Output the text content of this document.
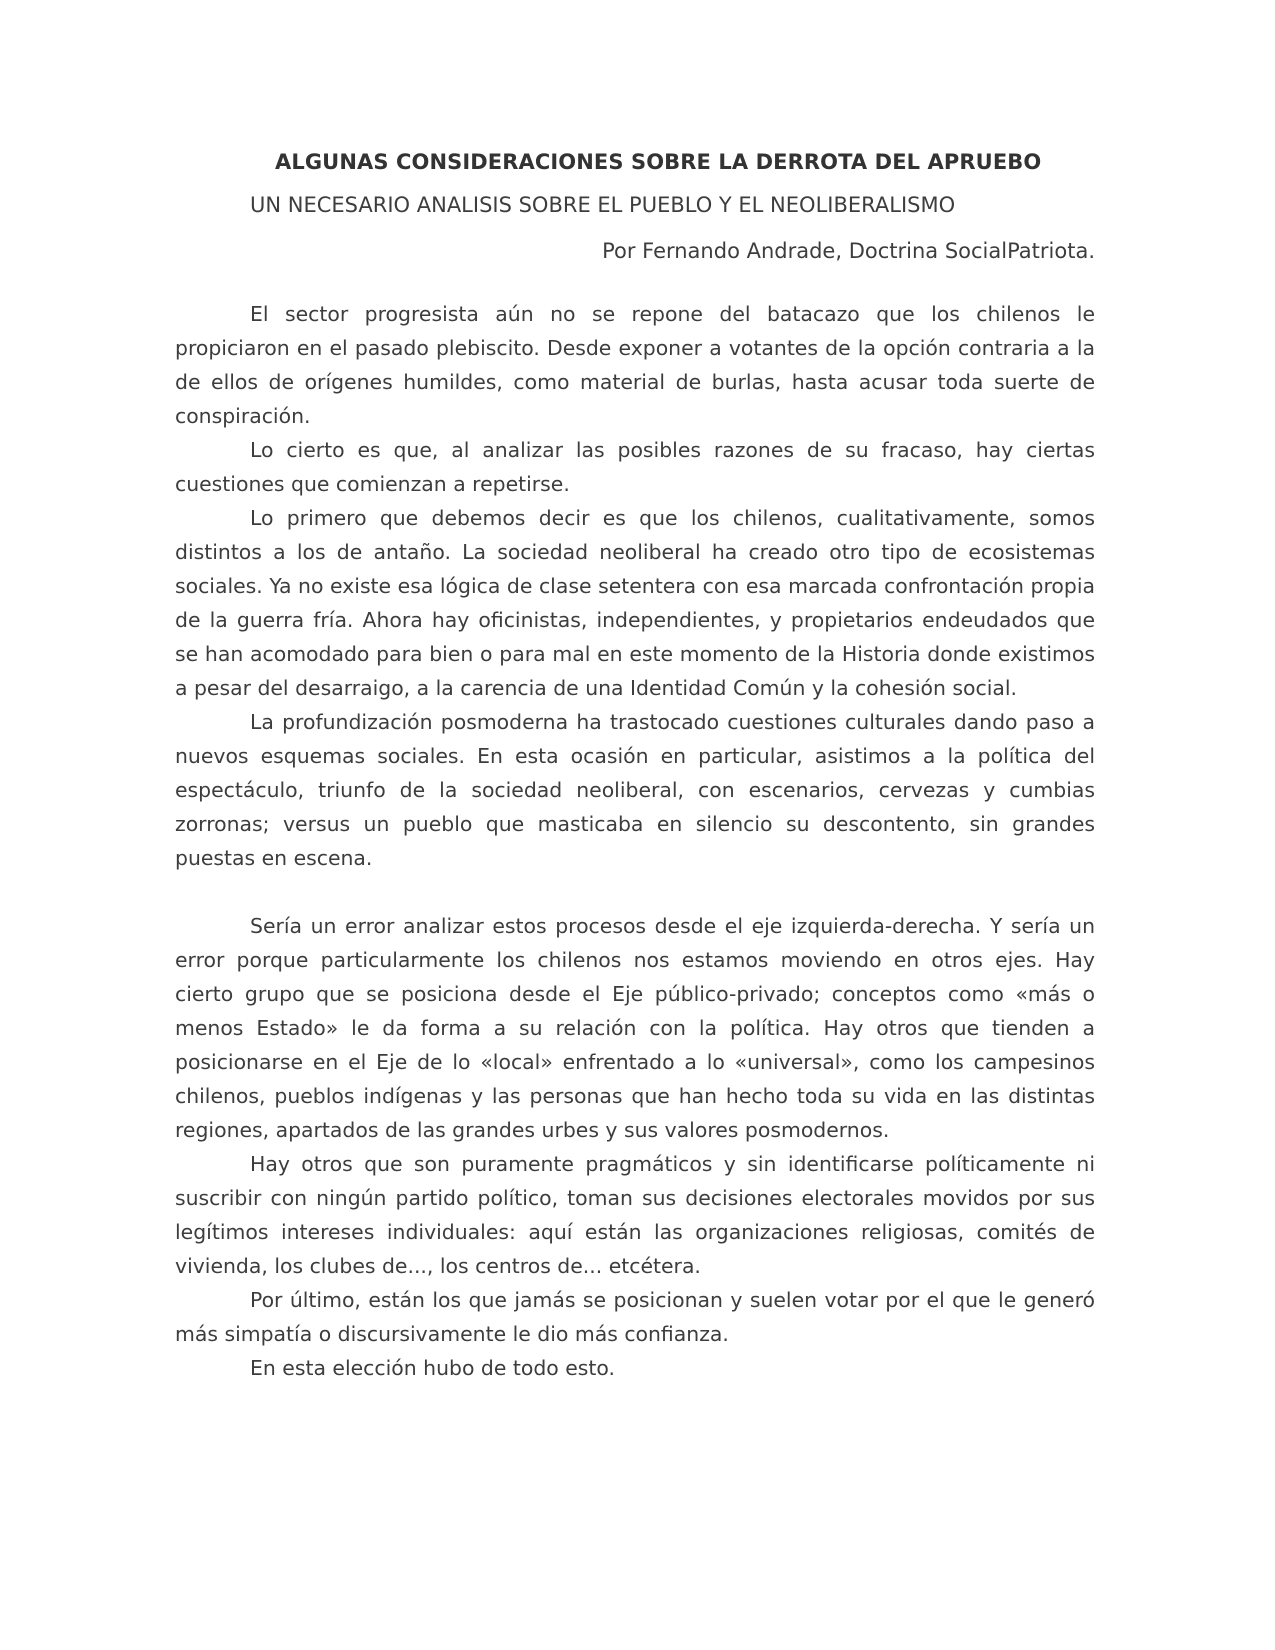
ALGUNAS CONSIDERACIONES SOBRE LA DERROTA DEL APRUEBO
UN NECESARIO ANALISIS SOBRE EL PUEBLO Y EL NEOLIBERALISMO
Por Fernando Andrade, Doctrina SocialPatriota.

El sector progresista aún no se repone del batacazo que los chilenos le propiciaron en el pasado plebiscito. Desde exponer a votantes de la opción contraria a la de ellos de orígenes humildes, como material de burlas, hasta acusar toda suerte de conspiración.

Lo cierto es que, al analizar las posibles razones de su fracaso, hay ciertas cuestiones que comienzan a repetirse.

Lo primero que debemos decir es que los chilenos, cualitativamente, somos distintos a los de antaño. La sociedad neoliberal ha creado otro tipo de ecosistemas sociales. Ya no existe esa lógica de clase setentera con esa marcada confrontación propia de la guerra fría. Ahora hay oficinistas, independientes, y propietarios endeudados que se han acomodado para bien o para mal en este momento de la Historia donde existimos a pesar del desarraigo, a la carencia de una Identidad Común y la cohesión social.

La profundización posmoderna ha trastocado cuestiones culturales dando paso a nuevos esquemas sociales. En esta ocasión en particular, asistimos a la política del espectáculo, triunfo de la sociedad neoliberal, con escenarios, cervezas y cumbias zorronas; versus un pueblo que masticaba en silencio su descontento, sin grandes puestas en escena.

Sería un error analizar estos procesos desde el eje izquierda-derecha. Y sería un error porque particularmente los chilenos nos estamos moviendo en otros ejes. Hay cierto grupo que se posiciona desde el Eje público-privado; conceptos como «más o menos Estado» le da forma a su relación con la política. Hay otros que tienden a posicionarse en el Eje de lo «local» enfrentado a lo «universal», como los campesinos chilenos, pueblos indígenas y las personas que han hecho toda su vida en las distintas regiones, apartados de las grandes urbes y sus valores posmodernos.

Hay otros que son puramente pragmáticos y sin identificarse políticamente ni suscribir con ningún partido político, toman sus decisiones electorales movidos por sus legítimos intereses individuales: aquí están las organizaciones religiosas, comités de vivienda, los clubes de..., los centros de... etcétera.

Por último, están los que jamás se posicionan y suelen votar por el que le generó más simpatía o discursivamente le dio más confianza.

En esta elección hubo de todo esto.
